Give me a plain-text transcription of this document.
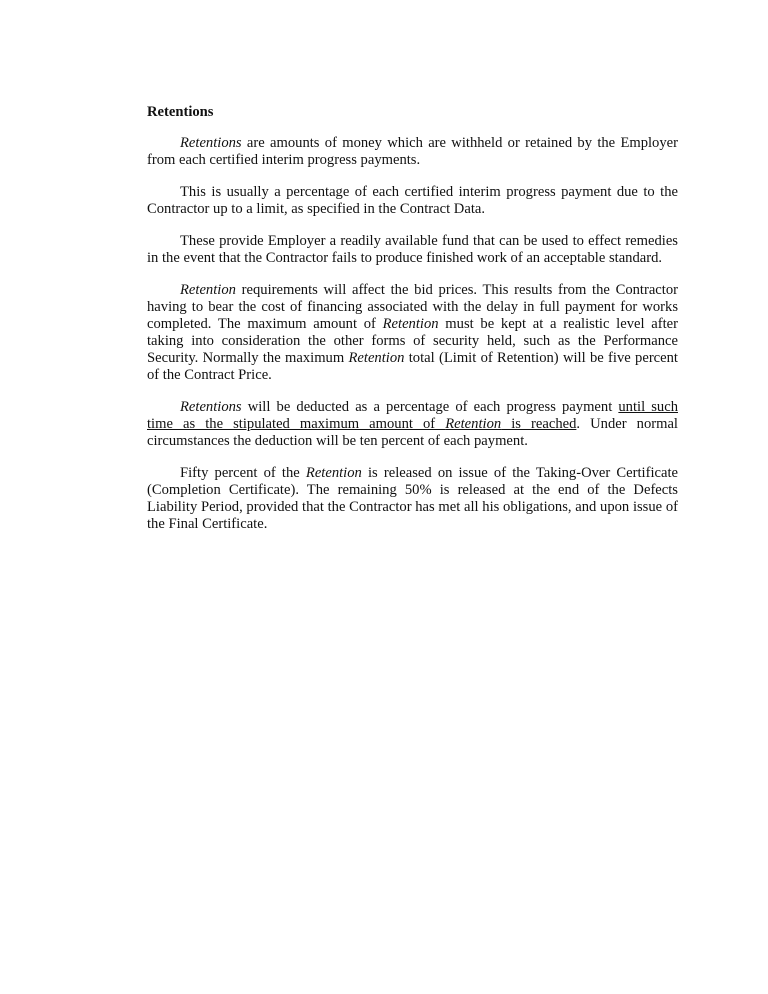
Retentions

Retentions are amounts of money which are withheld or retained by the Employer from each certified interim progress payments.

This is usually a percentage of each certified interim progress payment due to the Contractor up to a limit, as specified in the Contract Data.

These provide Employer a readily available fund that can be used to effect remedies in the event that the Contractor fails to produce finished work of an acceptable standard.

Retention requirements will affect the bid prices. This results from the Contractor having to bear the cost of financing associated with the delay in full payment for works completed. The maximum amount of Retention must be kept at a realistic level after taking into consideration the other forms of security held, such as the Performance Security. Normally the maximum Retention total (Limit of Retention) will be five percent of the Contract Price.

Retentions will be deducted as a percentage of each progress payment until such time as the stipulated maximum amount of Retention is reached. Under normal circumstances the deduction will be ten percent of each payment.

Fifty percent of the Retention is released on issue of the Taking-Over Certificate (Completion Certificate). The remaining 50% is released at the end of the Defects Liability Period, provided that the Contractor has met all his obligations, and upon issue of the Final Certificate.
